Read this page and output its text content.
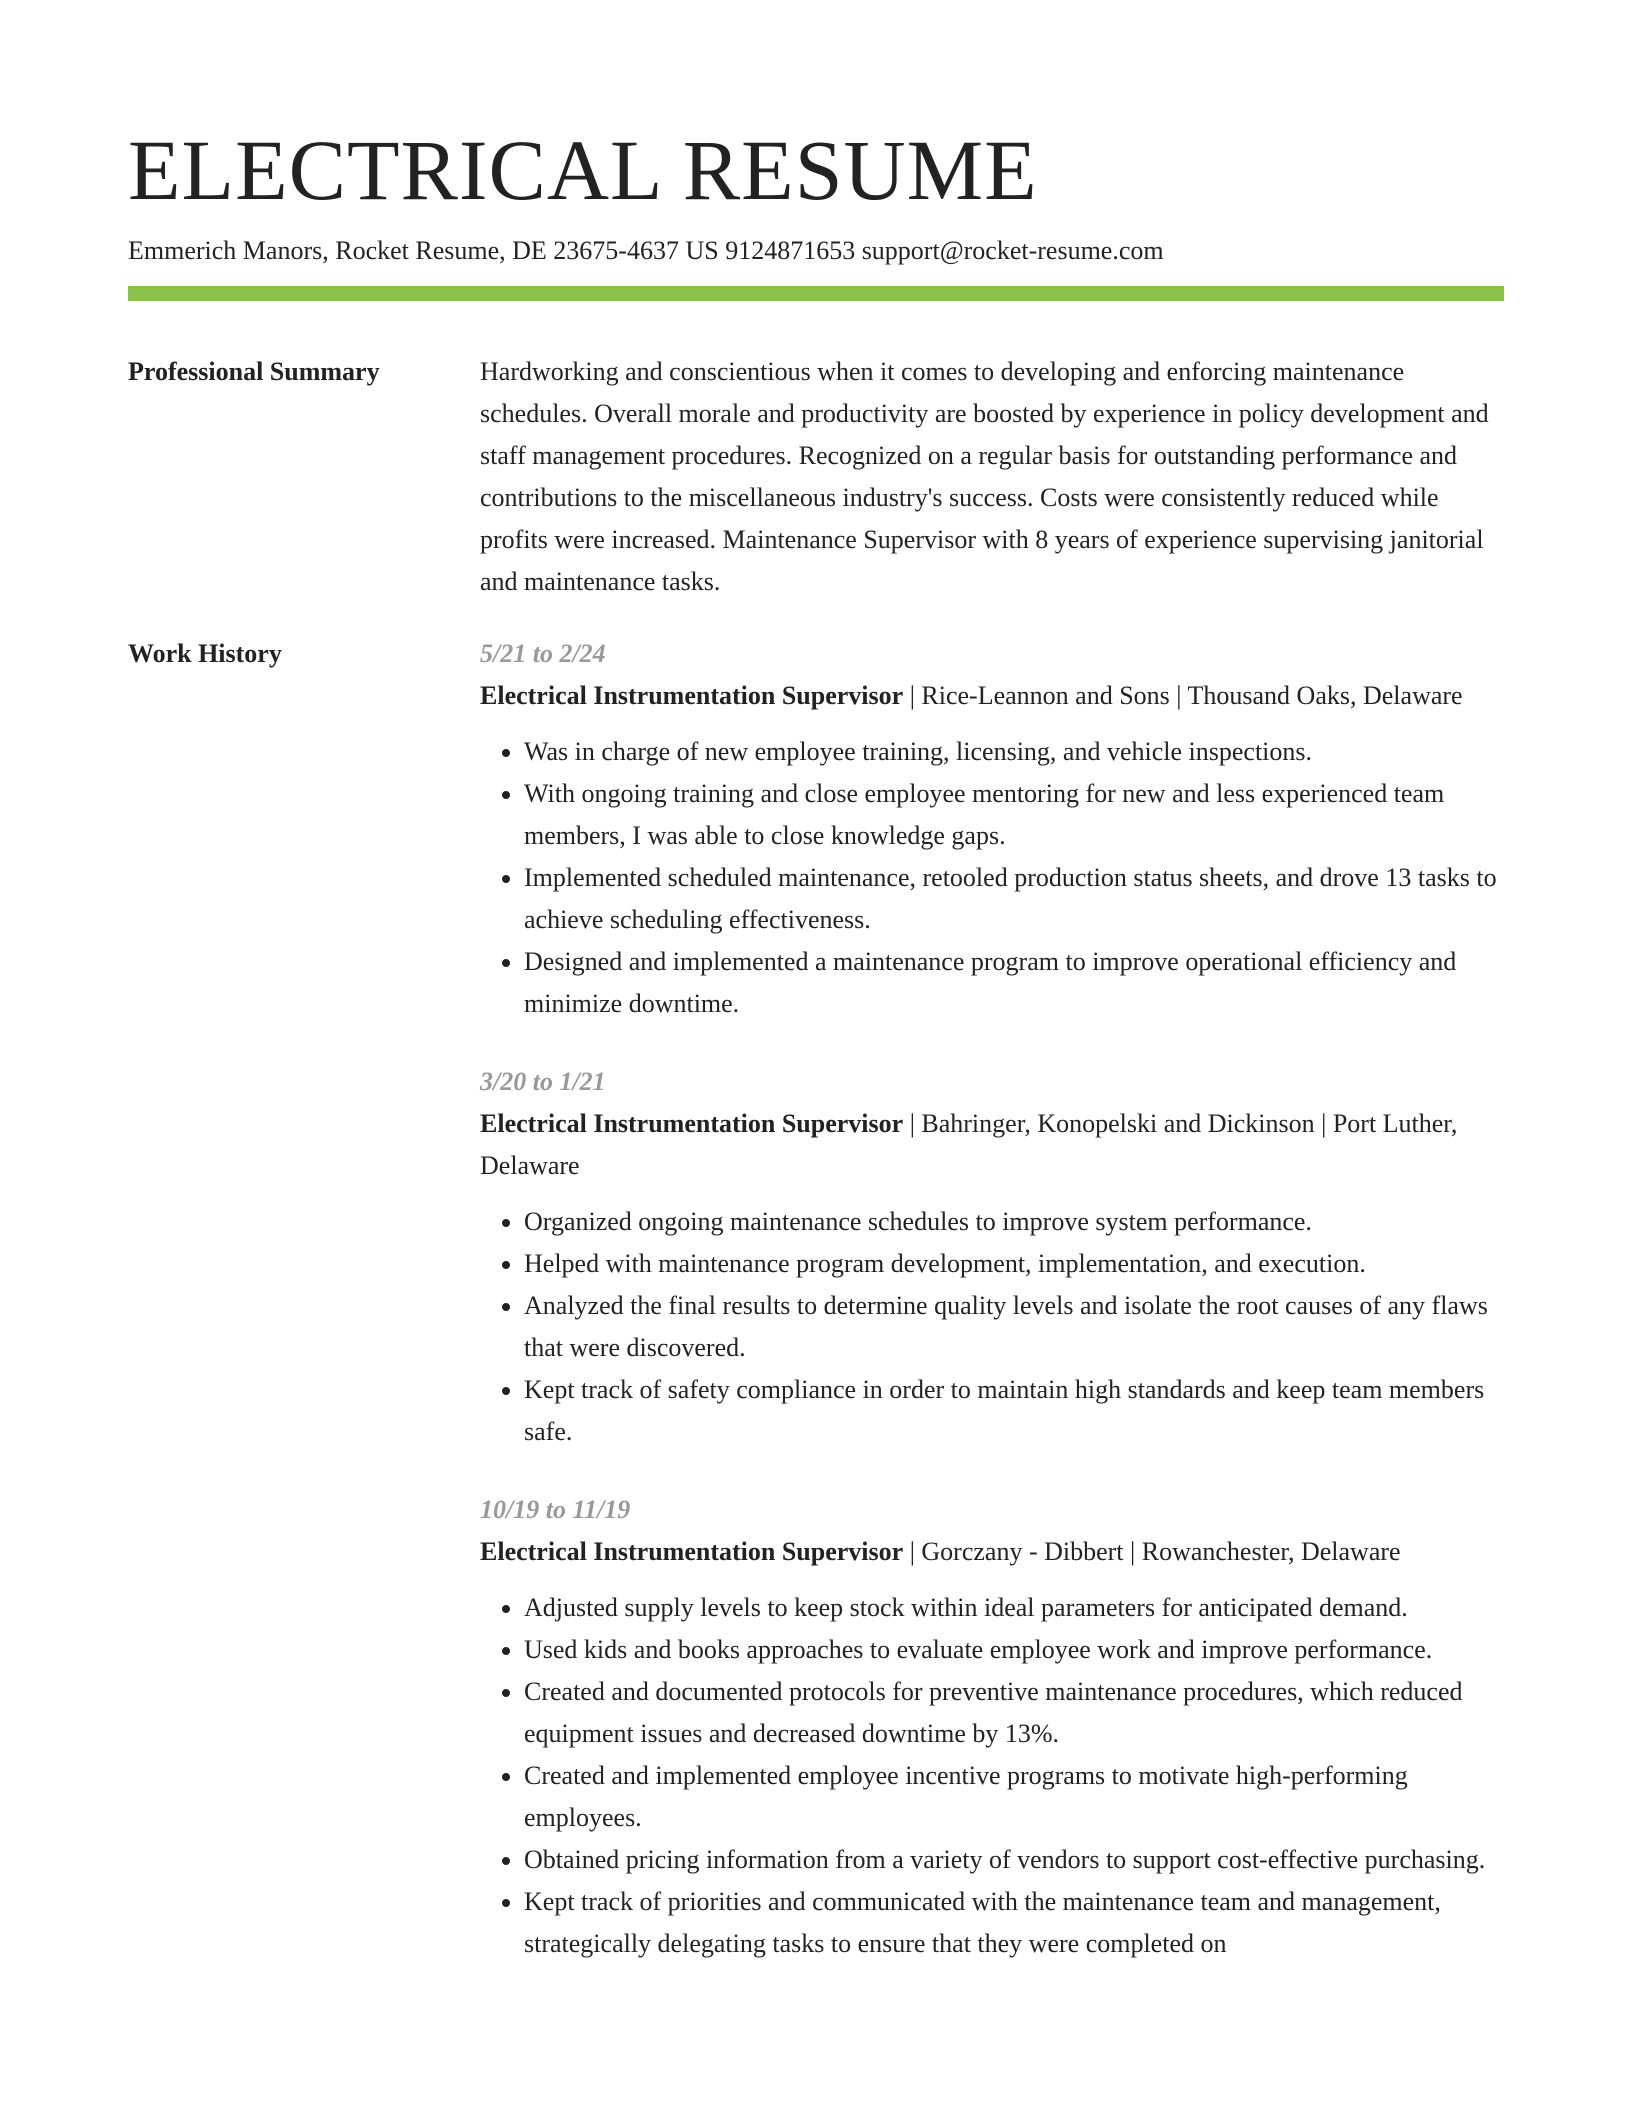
ELECTRICAL RESUME
Emmerich Manors, Rocket Resume, DE 23675-4637 US 9124871653 support@rocket-resume.com
Professional Summary	Hardworking and conscientious when it comes to developing and enforcing maintenance schedules. Overall morale and productivity are boosted by experience in policy development and staff management procedures. Recognized on a regular basis for outstanding performance and contributions to the miscellaneous industry's success. Costs were consistently reduced while profits were increased. Maintenance Supervisor with 8 years of experience supervising janitorial and maintenance tasks.

Work History	5/21 to 2/24
Electrical Instrumentation Supervisor | Rice-Leannon and Sons | Thousand Oaks, Delaware
• Was in charge of new employee training, licensing, and vehicle inspections.
• With ongoing training and close employee mentoring for new and less experienced team members, I was able to close knowledge gaps.
• Implemented scheduled maintenance, retooled production status sheets, and drove 13 tasks to achieve scheduling effectiveness.
• Designed and implemented a maintenance program to improve operational efficiency and minimize downtime.
3/20 to 1/21
Electrical Instrumentation Supervisor | Bahringer, Konopelski and Dickinson | Port Luther, Delaware
• Organized ongoing maintenance schedules to improve system performance.
• Helped with maintenance program development, implementation, and execution.
• Analyzed the final results to determine quality levels and isolate the root causes of any flaws that were discovered.
• Kept track of safety compliance in order to maintain high standards and keep team members safe.
10/19 to 11/19
Electrical Instrumentation Supervisor | Gorczany - Dibbert | Rowanchester, Delaware
• Adjusted supply levels to keep stock within ideal parameters for anticipated demand.
• Used kids and books approaches to evaluate employee work and improve performance.
• Created and documented protocols for preventive maintenance procedures, which reduced equipment issues and decreased downtime by 13%.
• Created and implemented employee incentive programs to motivate high-performing employees.
• Obtained pricing information from a variety of vendors to support cost-effective purchasing.
• Kept track of priorities and communicated with the maintenance team and management, strategically delegating tasks to ensure that they were completed on
